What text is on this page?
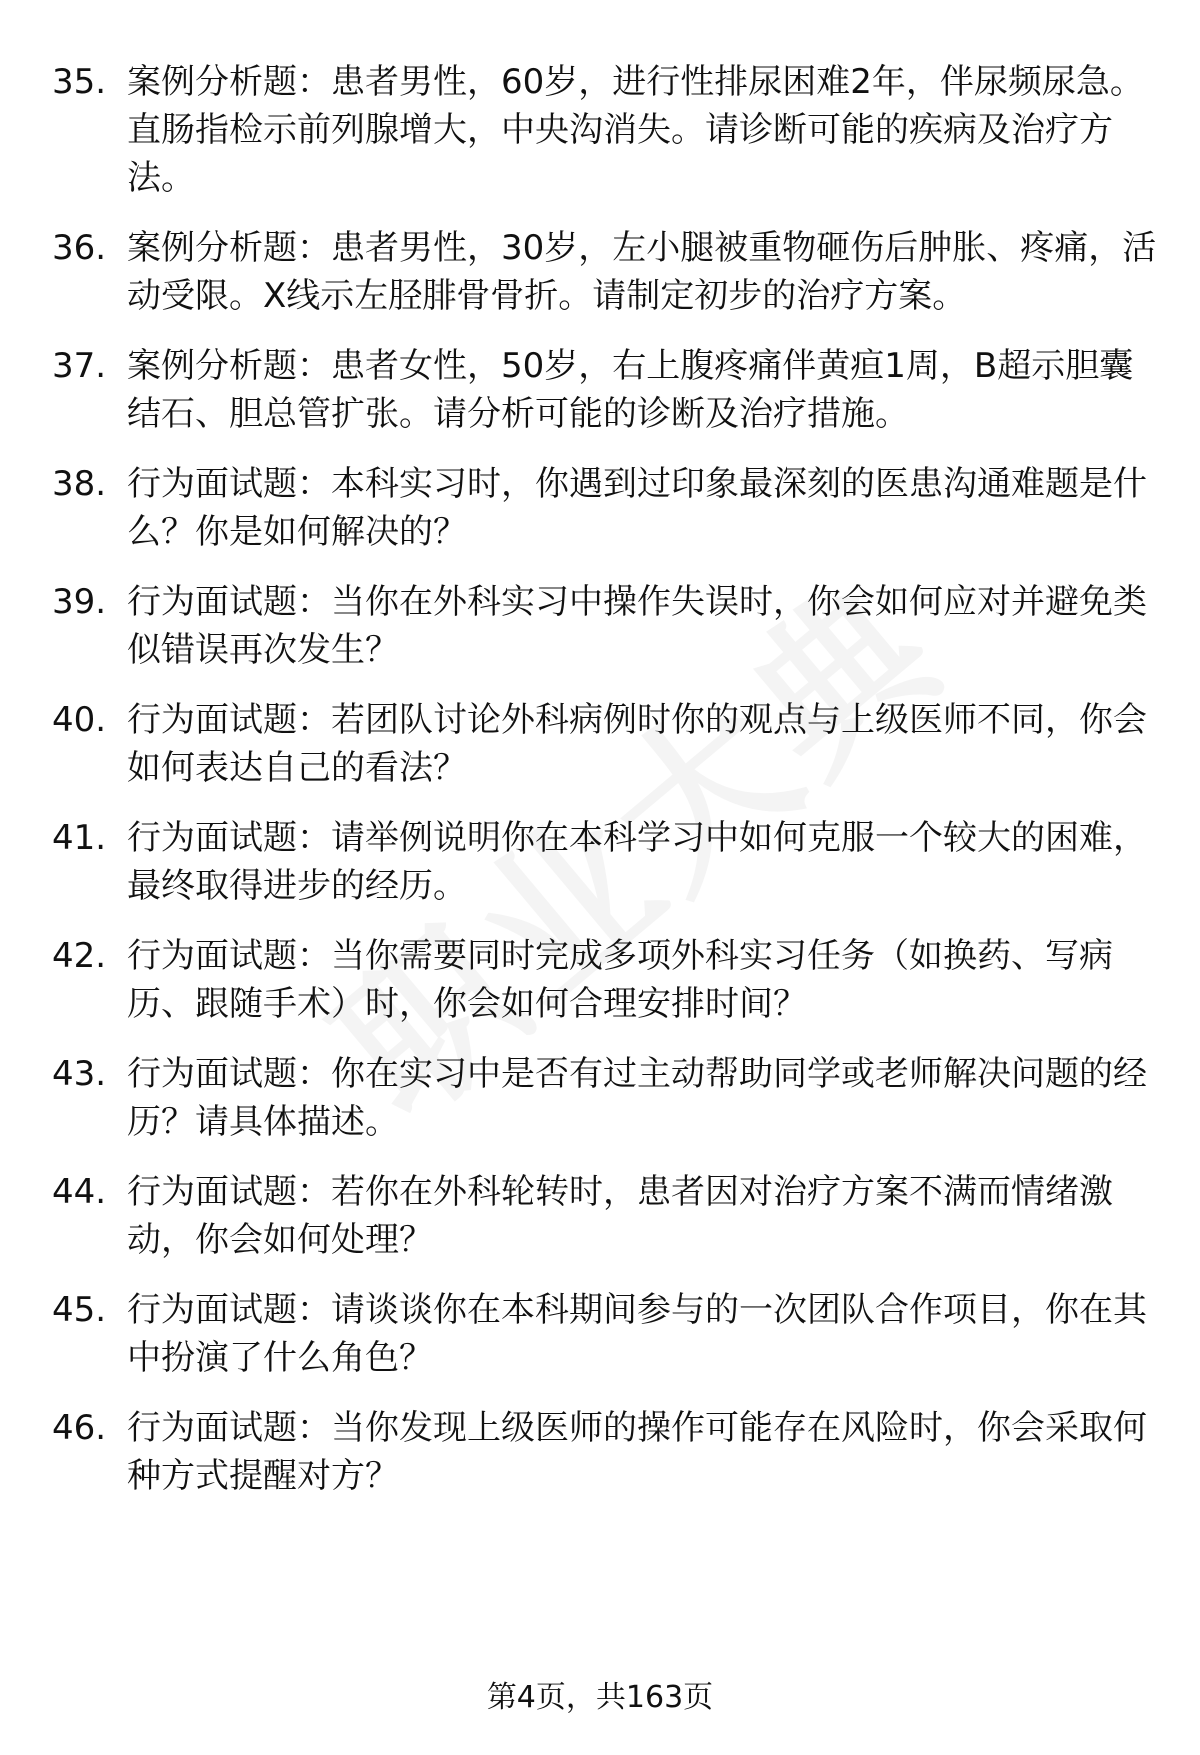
35. 案例分析题：患者男性，60岁，进行性排尿困难2年，伴尿频尿急。直肠指检示前列腺增大，中央沟消失。请诊断可能的疾病及治疗方法。
36. 案例分析题：患者男性，30岁，左小腿被重物砸伤后肿胀、疼痛，活动受限。X线示左胫腓骨骨折。请制定初步的治疗方案。
37. 案例分析题：患者女性，50岁，右上腹疼痛伴黄疸1周，B超示胆囊结石、胆总管扩张。请分析可能的诊断及治疗措施。
38. 行为面试题：本科实习时，你遇到过印象最深刻的医患沟通难题是什么？你是如何解决的？
39. 行为面试题：当你在外科实习中操作失误时，你会如何应对并避免类似错误再次发生？
40. 行为面试题：若团队讨论外科病例时你的观点与上级医师不同，你会如何表达自己的看法？
41. 行为面试题：请举例说明你在本科学习中如何克服一个较大的困难，最终取得进步的经历。
42. 行为面试题：当你需要同时完成多项外科实习任务（如换药、写病历、跟随手术）时，你会如何合理安排时间？
43. 行为面试题：你在实习中是否有过主动帮助同学或老师解决问题的经历？请具体描述。
44. 行为面试题：若你在外科轮转时，患者因对治疗方案不满而情绪激动，你会如何处理？
45. 行为面试题：请谈谈你在本科期间参与的一次团队合作项目，你在其中扮演了什么角色？
46. 行为面试题：当你发现上级医师的操作可能存在风险时，你会采取何种方式提醒对方？
第4页，共163页
